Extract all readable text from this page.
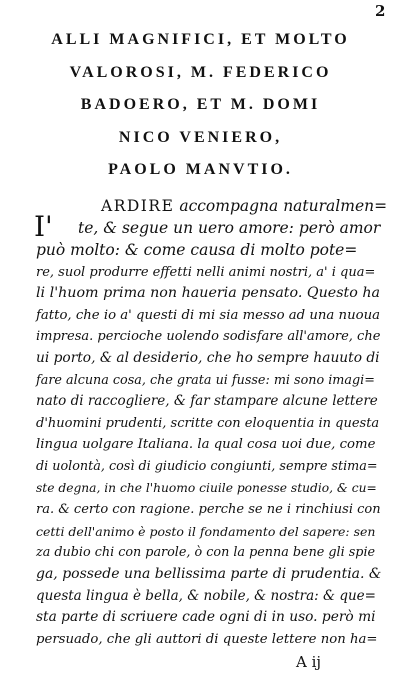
2
ALLI MAGNIFICI, ET MOLTO
VALOROSI, M. FEDERICO
BADOERO, ET M. DOMI
NICO VENIERO,
PAOLO MANVTIO.
ARDIRE accompagna naturalmen=
I' te, & segue un uero amore: però amor
può molto: & come causa di molto pote=
re, suol produrre effetti nelli animi nostri, a' i qua=
li l'huom prima non haueria pensato. Questo ha
fatto, che io a' questi di mi sia messo ad una nuoua
impresa. percioche uolendo sodisfare all'amore, che
ui porto, & al desiderio, che ho sempre hauuto di
fare alcuna cosa, che grata ui fusse: mi sono imagi=
nato di raccogliere, & far stampare alcune lettere
d'huomini prudenti, scritte con eloquentia in questa
lingua uolgare Italiana. la qual cosa uoi due, come
di uolontà, così di giudicio congiunti, sempre stima=
ste degna, in che l'huomo ciuile ponesse studio, & cu=
ra. & certo con ragione. perche se ne i rinchiusi con
cetti dell'animo è posto il fondamento del sapere: sen
za dubio chi con parole, ò con la penna bene gli spie
ga, possede una bellissima parte di prudentia. &
questa lingua è bella, & nobile, & nostra: & que=
sta parte di scriuere cade ogni di in uso. però mi
persuado, che gli auttori di queste lettere non ha=
A ij
